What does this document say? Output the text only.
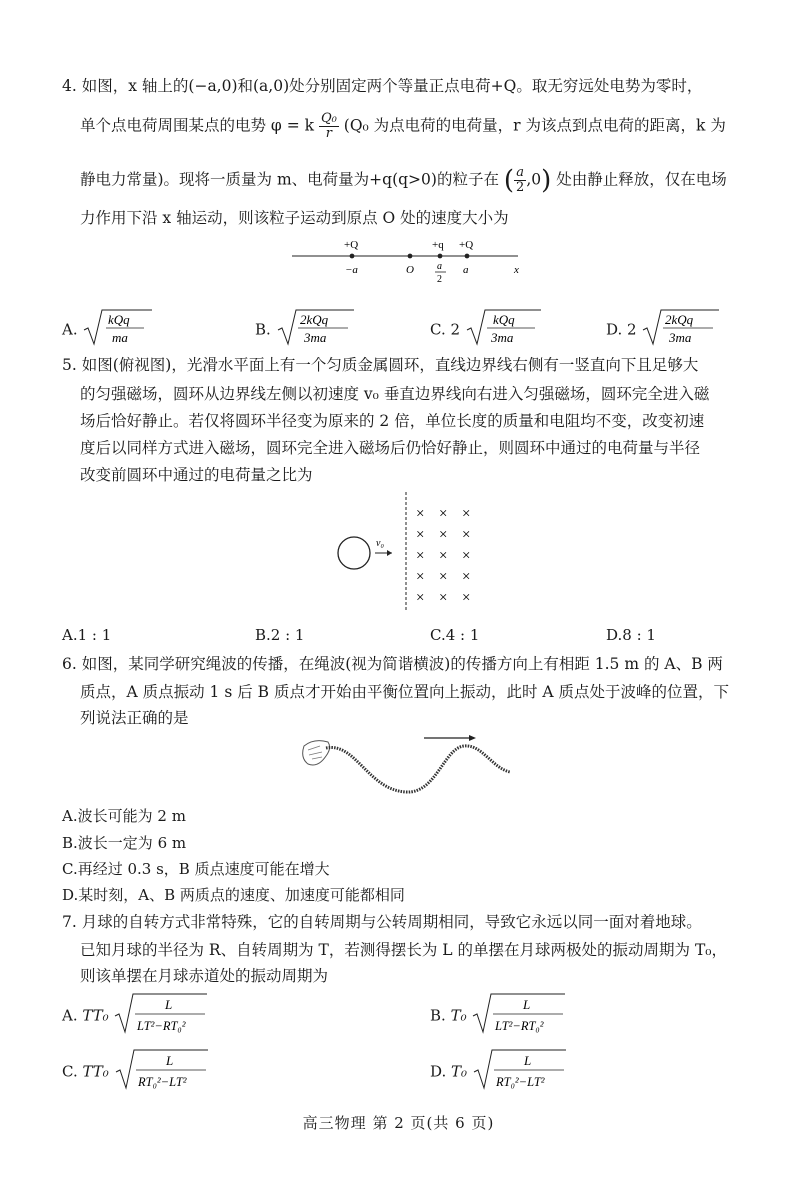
4. 如图，x 轴上的(−a,0)和(a,0)处分别固定两个等量正点电荷+Q。取无穷远处电势为零时，
单个点电荷周围某点的电势 φ = k $\frac{\text{Q₀}}{r} (Q_0$ 为点电荷的电荷量，r 为该点到点电荷的距离，k 为
静电力常量)。现将一质量为 m、电荷量为+q(q>0)的粒子在 ( $\frac{a}{2} ,0$) 处由静止释放，仅在电场
力作用下沿 x 轴运动，则该粒子运动到原点 O 处的速度大小为
+Q	+q +Q
−a	O a
2
a	x
A.
kQq
ma	B.
2kQq
3ma	C. 2
kQq
3ma	D. 2
2kQq
3ma
5. 如图(俯视图)，光滑水平面上有一个匀质金属圆环，直线边界线右侧有一竖直向下且足够大
的匀强磁场，圆环从边界线左侧以初速度 v₀ 垂直边界线向右进入匀强磁场，圆环完全进入磁
场后恰好静止。若仅将圆环半径变为原来的 2 倍，单位长度的质量和电阻均不变，改变初速
度后以同样方式进入磁场，圆环完全进入磁场后仍恰好静止，则圆环中通过的电荷量与半径
改变前圆环中通过的电荷量之比为
v₀
× × ×
× × ×
× × ×
× × ×
× × ×
A.1 : 1	B.2 : 1	C.4 : 1	D.8 : 1
6. 如图，某同学研究绳波的传播，在绳波(视为简谐横波)的传播方向上有相距 1.5 m 的 A、B 两
质点，A 质点振动 1 s 后 B 质点才开始由平衡位置向上振动，此时 A 质点处于波峰的位置，下
列说法正确的是
A.波长可能为 2 m
B.波长一定为 6 m
C.再经过 0.3 s，B 质点速度可能在增大
D.某时刻，A、B 两质点的速度、加速度可能都相同
7. 月球的自转方式非常特殊，它的自转周期与公转周期相同，导致它永远以同一面对着地球。
已知月球的半径为 R、自转周期为 T，若测得摆长为 L 的单摆在月球两极处的振动周期为 T₀，
则该单摆在月球赤道处的振动周期为
A. TT₀
L
LT²−RT₀²
B. T₀
L
LT²−RT₀²
C. TT₀
L
RT₀²−LT²
D. T₀
L
RT₀²−LT²
高三物理 第 2 页(共 6 页)
